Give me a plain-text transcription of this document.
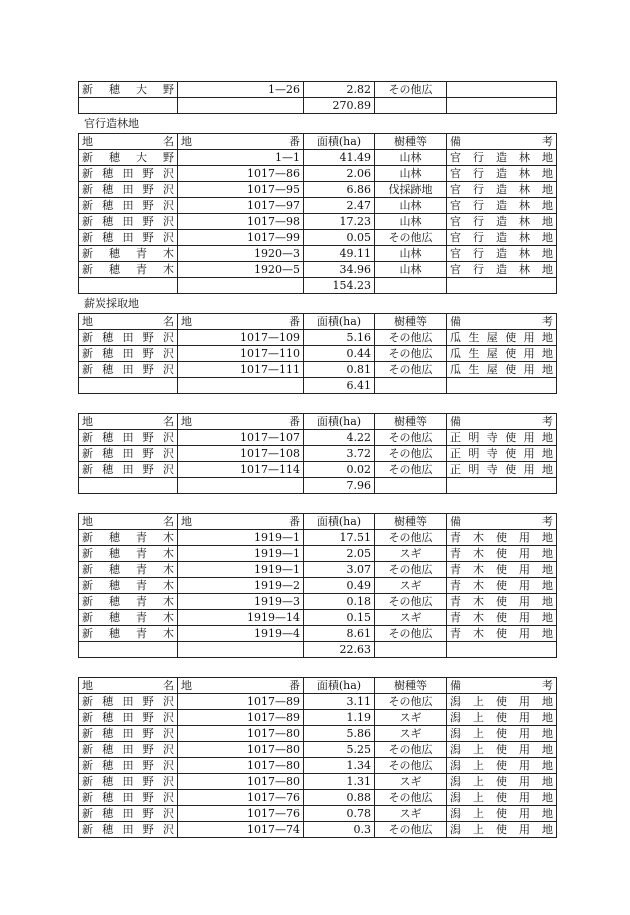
新　穂　大　野	1—26	2.82	その他広	
		270.89		
官行造林地
地　　名	地　　番	面積(ha)	樹種等	備　　考
新　穂　大　野	1—1	41.49	山林	官行造林地
新穂田野沢	1017—86	2.06	山林	官行造林地
新穂田野沢	1017—95	6.86	伐採跡地	官行造林地
新穂田野沢	1017—97	2.47	山林	官行造林地
新穂田野沢	1017—98	17.23	山林	官行造林地
新穂田野沢	1017—99	0.05	その他広	官行造林地
新　穂　青　木	1920—3	49.11	山林	官行造林地
新　穂　青　木	1920—5	34.96	山林	官行造林地
		154.23		
薪炭採取地
地　　名	地　　番	面積(ha)	樹種等	備　　考
新穂田野沢	1017—109	5.16	その他広	瓜生屋使用地
新穂田野沢	1017—110	0.44	その他広	瓜生屋使用地
新穂田野沢	1017—111	0.81	その他広	瓜生屋使用地
		6.41		
地　　名	地　　番	面積(ha)	樹種等	備　　考
新穂田野沢	1017—107	4.22	その他広	正明寺使用地
新穂田野沢	1017—108	3.72	その他広	正明寺使用地
新穂田野沢	1017—114	0.02	その他広	正明寺使用地
		7.96		
地　　名	地　　番	面積(ha)	樹種等	備　　考
新　穂　青　木	1919—1	17.51	その他広	青木使用地
新　穂　青　木	1919—1	2.05	スギ	青木使用地
新　穂　青　木	1919—1	3.07	その他広	青木使用地
新　穂　青　木	1919—2	0.49	スギ	青木使用地
新　穂　青　木	1919—3	0.18	その他広	青木使用地
新　穂　青　木	1919—14	0.15	スギ	青木使用地
新　穂　青　木	1919—4	8.61	その他広	青木使用地
		22.63		
地　　名	地　　番	面積(ha)	樹種等	備　　考
新穂田野沢	1017—89	3.11	その他広	潟上使用地
新穂田野沢	1017—89	1.19	スギ	潟上使用地
新穂田野沢	1017—80	5.86	スギ	潟上使用地
新穂田野沢	1017—80	5.25	その他広	潟上使用地
新穂田野沢	1017—80	1.34	その他広	潟上使用地
新穂田野沢	1017—80	1.31	スギ	潟上使用地
新穂田野沢	1017—76	0.88	その他広	潟上使用地
新穂田野沢	1017—76	0.78	スギ	潟上使用地
新穂田野沢	1017—74	0.3	その他広	潟上使用地
